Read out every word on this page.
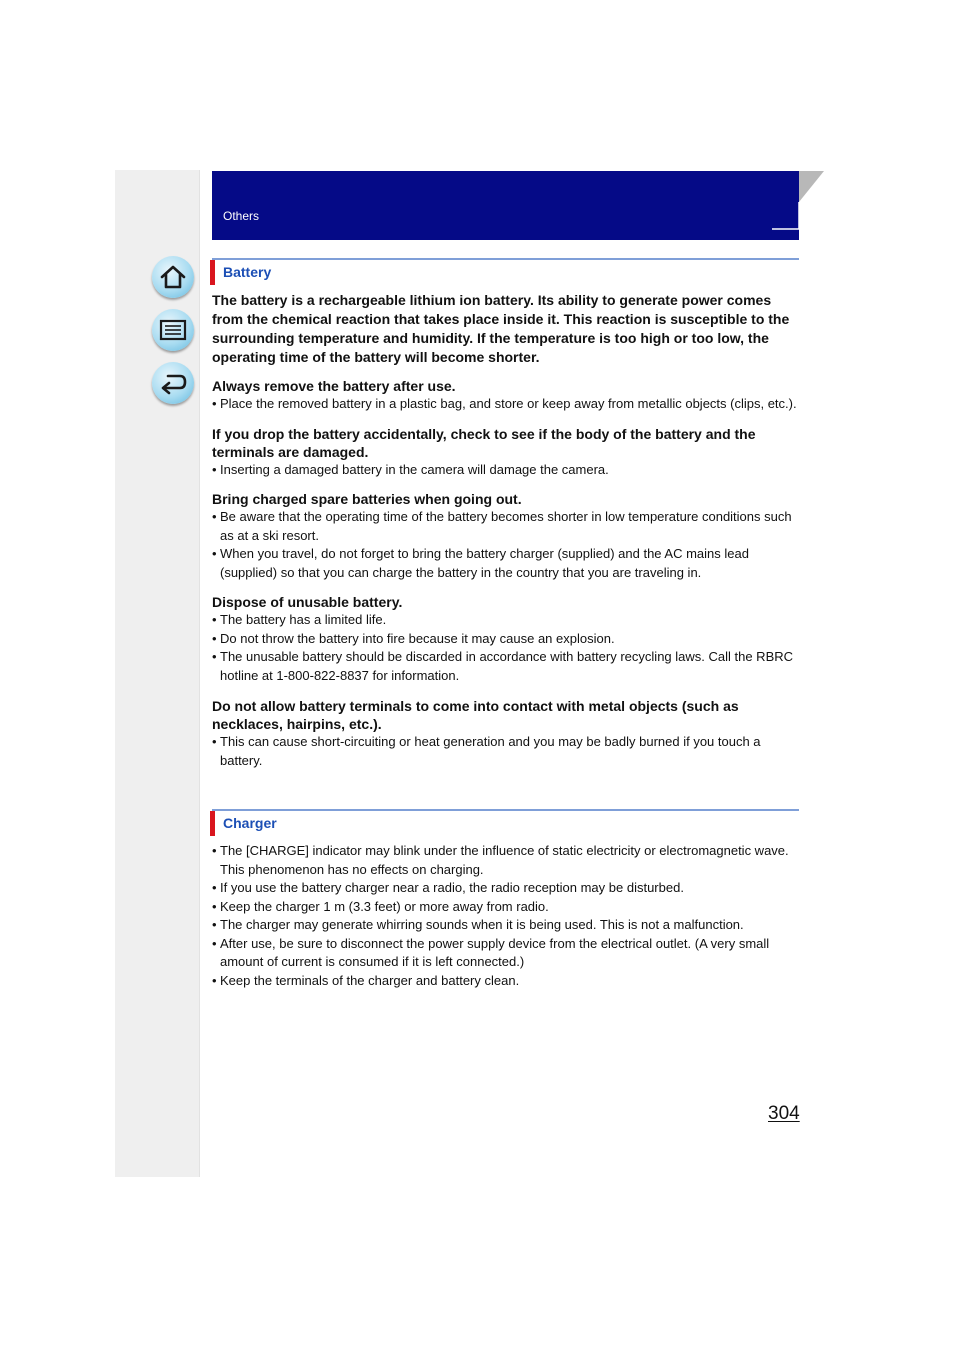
Others
Battery

The battery is a rechargeable lithium ion battery. Its ability to generate power comes from the chemical reaction that takes place inside it. This reaction is susceptible to the surrounding temperature and humidity. If the temperature is too high or too low, the operating time of the battery will become shorter.

Always remove the battery after use.

• Place the removed battery in a plastic bag, and store or keep away from metallic objects (clips, etc.).

If you drop the battery accidentally, check to see if the body of the battery and the terminals are damaged.

• Inserting a damaged battery in the camera will damage the camera.

Bring charged spare batteries when going out.

• Be aware that the operating time of the battery becomes shorter in low temperature conditions such as at a ski resort.
• When you travel, do not forget to bring the battery charger (supplied) and the AC mains lead (supplied) so that you can charge the battery in the country that you are traveling in.

Dispose of unusable battery.

• The battery has a limited life.
• Do not throw the battery into fire because it may cause an explosion.
• The unusable battery should be discarded in accordance with battery recycling laws. Call the RBRC hotline at 1-800-822-8837 for information.

Do not allow battery terminals to come into contact with metal objects (such as necklaces, hairpins, etc.).

• This can cause short-circuiting or heat generation and you may be badly burned if you touch a battery.
Charger
• The [CHARGE] indicator may blink under the influence of static electricity or electromagnetic wave. This phenomenon has no effects on charging.
• If you use the battery charger near a radio, the radio reception may be disturbed.
• Keep the charger 1 m (3.3 feet) or more away from radio.
• The charger may generate whirring sounds when it is being used. This is not a malfunction.
• After use, be sure to disconnect the power supply device from the electrical outlet. (A very small amount of current is consumed if it is left connected.)
• Keep the terminals of the charger and battery clean.
304
